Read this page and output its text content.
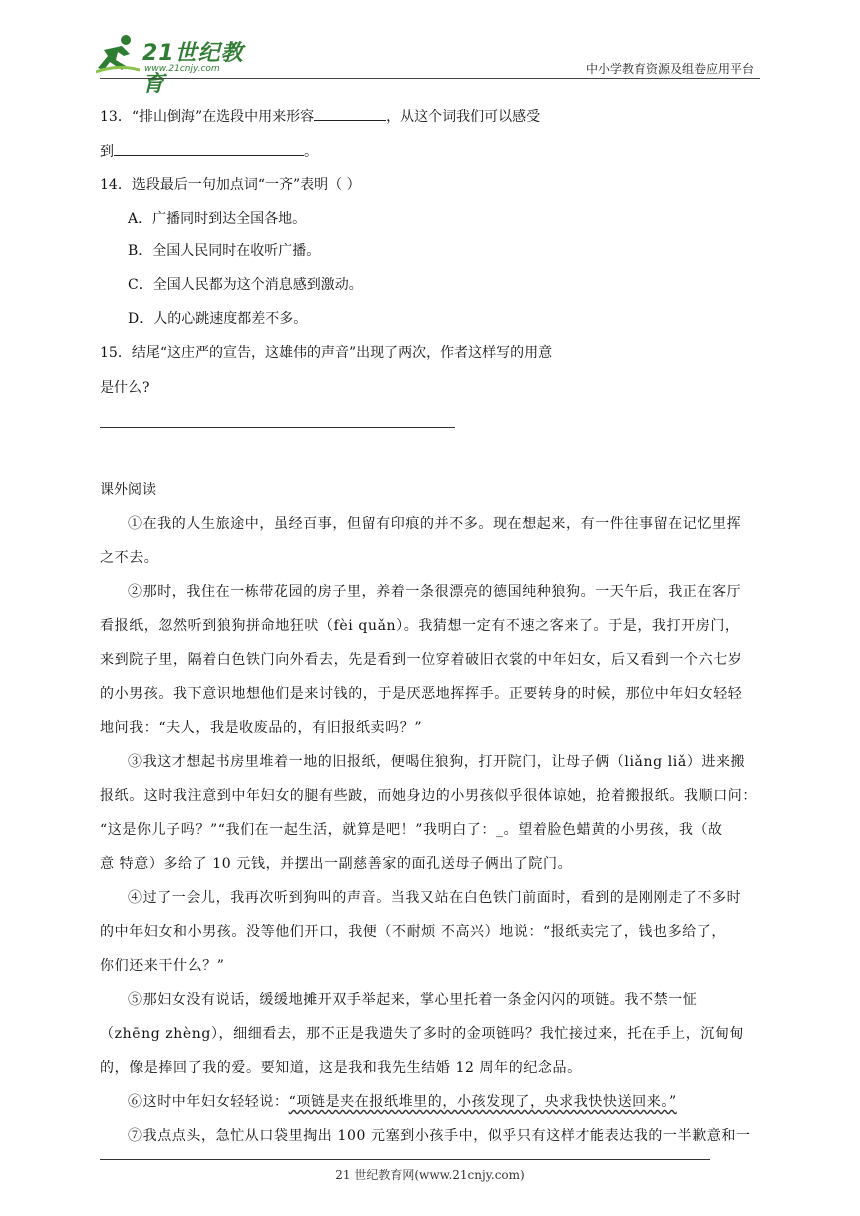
21世纪教育
www.21cnjy.com	中小学教育资源及组卷应用平台
13．“排山倒海”在选段中用来形容	，从这个词我们可以感受
到	。
14．选段最后一句加点词“一齐”表明（ ）
A．广播同时到达全国各地。
B．全国人民同时在收听广播。
C．全国人民都为这个消息感到激动。
D．人的心跳速度都差不多。
15．结尾“这庄严的宣告，这雄伟的声音”出现了两次，作者这样写的用意
是什么?
课外阅读
①在我的人生旅途中，虽经百事，但留有印痕的并不多。现在想起来，有一件往事留在记忆里挥
之不去。
②那时，我住在一栋带花园的房子里，养着一条很漂亮的德国纯种狼狗。一天午后，我正在客厅
看报纸，忽然听到狼狗拼命地狂吠（fèi quǎn）。我猜想一定有不速之客来了。于是，我打开房门，
来到院子里，隔着白色铁门向外看去，先是看到一位穿着破旧衣裳的中年妇女，后又看到一个六七岁
的小男孩。我下意识地想他们是来讨钱的，于是厌恶地挥挥手。正要转身的时候，那位中年妇女轻轻
地问我：“夫人，我是收废品的，有旧报纸卖吗？”
③我这才想起书房里堆着一地的旧报纸，便喝住狼狗，打开院门，让母子俩（liǎng liǎ）进来搬
报纸。这时我注意到中年妇女的腿有些跛，而她身边的小男孩似乎很体谅她，抢着搬报纸。我顺口问：
“这是你儿子吗？”“我们在一起生活，就算是吧！”我明白了：_。望着脸色蜡黄的小男孩，我（故
意 特意）多给了 10 元钱，并摆出一副慈善家的面孔送母子俩出了院门。
④过了一会儿，我再次听到狗叫的声音。当我又站在白色铁门前面时，看到的是刚刚走了不多时
的中年妇女和小男孩。没等他们开口，我便（不耐烦 不高兴）地说：“报纸卖完了，钱也多给了，
你们还来干什么？”
⑤那妇女没有说话，缓缓地摊开双手举起来，掌心里托着一条金闪闪的项链。我不禁一怔
（zhēng zhèng），细细看去，那不正是我遗失了多时的金项链吗？我忙接过来，托在手上，沉甸甸
的，像是捧回了我的爱。要知道，这是我和我先生结婚 12 周年的纪念品。
⑥这时中年妇女轻轻说：“项链是夹在报纸堆里的，小孩发现了，央求我快快送回来。”
⑦我点点头，急忙从口袋里掏出 100 元塞到小孩手中，似乎只有这样才能表达我的一半歉意和一
21 世纪教育网(www.21cnjy.com)
